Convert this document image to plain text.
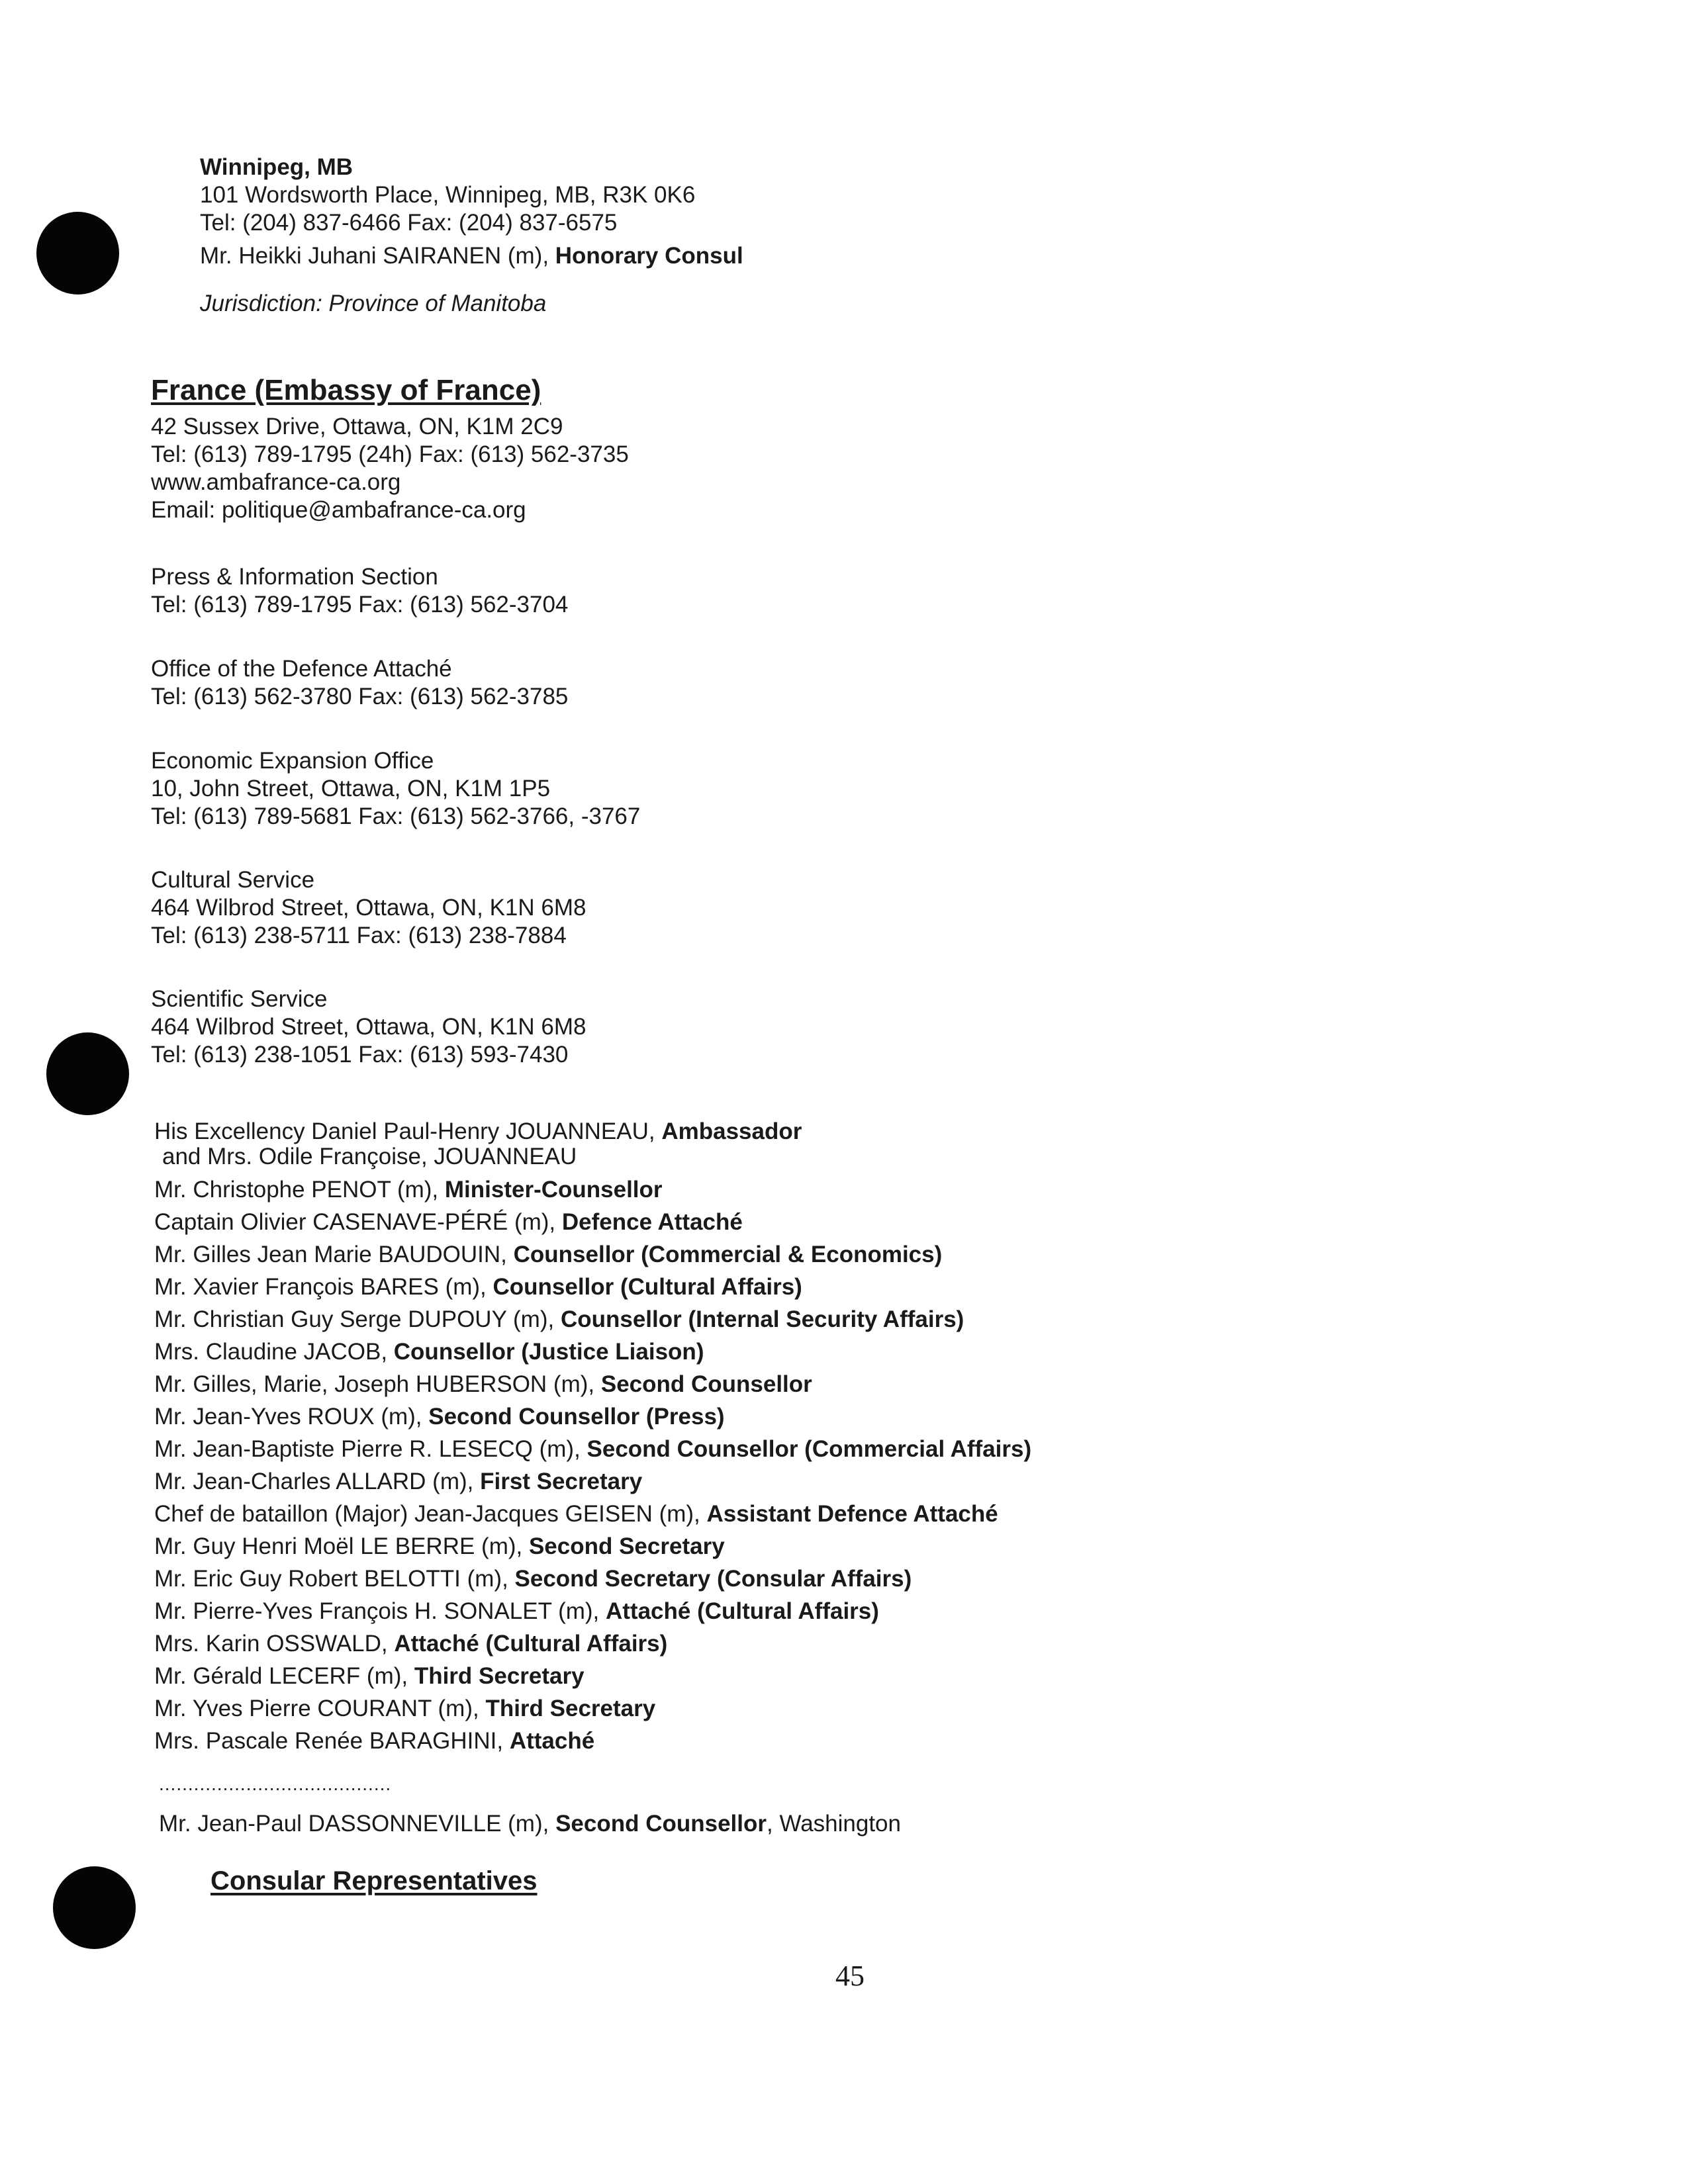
Winnipeg, MB
101 Wordsworth Place, Winnipeg, MB, R3K 0K6
Tel: (204) 837-6466 Fax: (204) 837-6575
Mr. Heikki Juhani SAIRANEN (m), Honorary Consul
Jurisdiction: Province of Manitoba
France (Embassy of France)
42 Sussex Drive, Ottawa, ON, K1M 2C9
Tel: (613) 789-1795 (24h) Fax: (613) 562-3735
www.ambafrance-ca.org
Email: politique@ambafrance-ca.org
Press & Information Section
Tel: (613) 789-1795 Fax: (613) 562-3704
Office of the Defence Attaché
Tel: (613) 562-3780 Fax: (613) 562-3785
Economic Expansion Office
10, John Street, Ottawa, ON, K1M 1P5
Tel: (613) 789-5681 Fax: (613) 562-3766, -3767
Cultural Service
464 Wilbrod Street, Ottawa, ON, K1N 6M8
Tel: (613) 238-5711 Fax: (613) 238-7884
Scientific Service
464 Wilbrod Street, Ottawa, ON, K1N 6M8
Tel: (613) 238-1051 Fax: (613) 593-7430
His Excellency Daniel Paul-Henry JOUANNEAU, Ambassador
and Mrs. Odile Françoise, JOUANNEAU
Mr. Christophe PENOT (m), Minister-Counsellor
Captain Olivier CASENAVE-PÉRÉ (m), Defence Attaché
Mr. Gilles Jean Marie BAUDOUIN, Counsellor (Commercial & Economics)
Mr. Xavier François BARES (m), Counsellor (Cultural Affairs)
Mr. Christian Guy Serge DUPOUY (m), Counsellor (Internal Security Affairs)
Mrs. Claudine JACOB, Counsellor (Justice Liaison)
Mr. Gilles, Marie, Joseph HUBERSON (m), Second Counsellor
Mr. Jean-Yves ROUX (m), Second Counsellor (Press)
Mr. Jean-Baptiste Pierre R. LESECQ (m), Second Counsellor (Commercial Affairs)
Mr. Jean-Charles ALLARD (m), First Secretary
Chef de bataillon (Major) Jean-Jacques GEISEN (m), Assistant Defence Attaché
Mr. Guy Henri Moël LE BERRE (m), Second Secretary
Mr. Eric Guy Robert BELOTTI (m), Second Secretary (Consular Affairs)
Mr. Pierre-Yves François H. SONALET (m), Attaché (Cultural Affairs)
Mrs. Karin OSSWALD, Attaché (Cultural Affairs)
Mr. Gérald LECERF (m), Third Secretary
Mr. Yves Pierre COURANT (m), Third Secretary
Mrs. Pascale Renée BARAGHINI, Attaché
........................................
Mr. Jean-Paul DASSONNEVILLE (m), Second Counsellor, Washington
Consular Representatives
45
